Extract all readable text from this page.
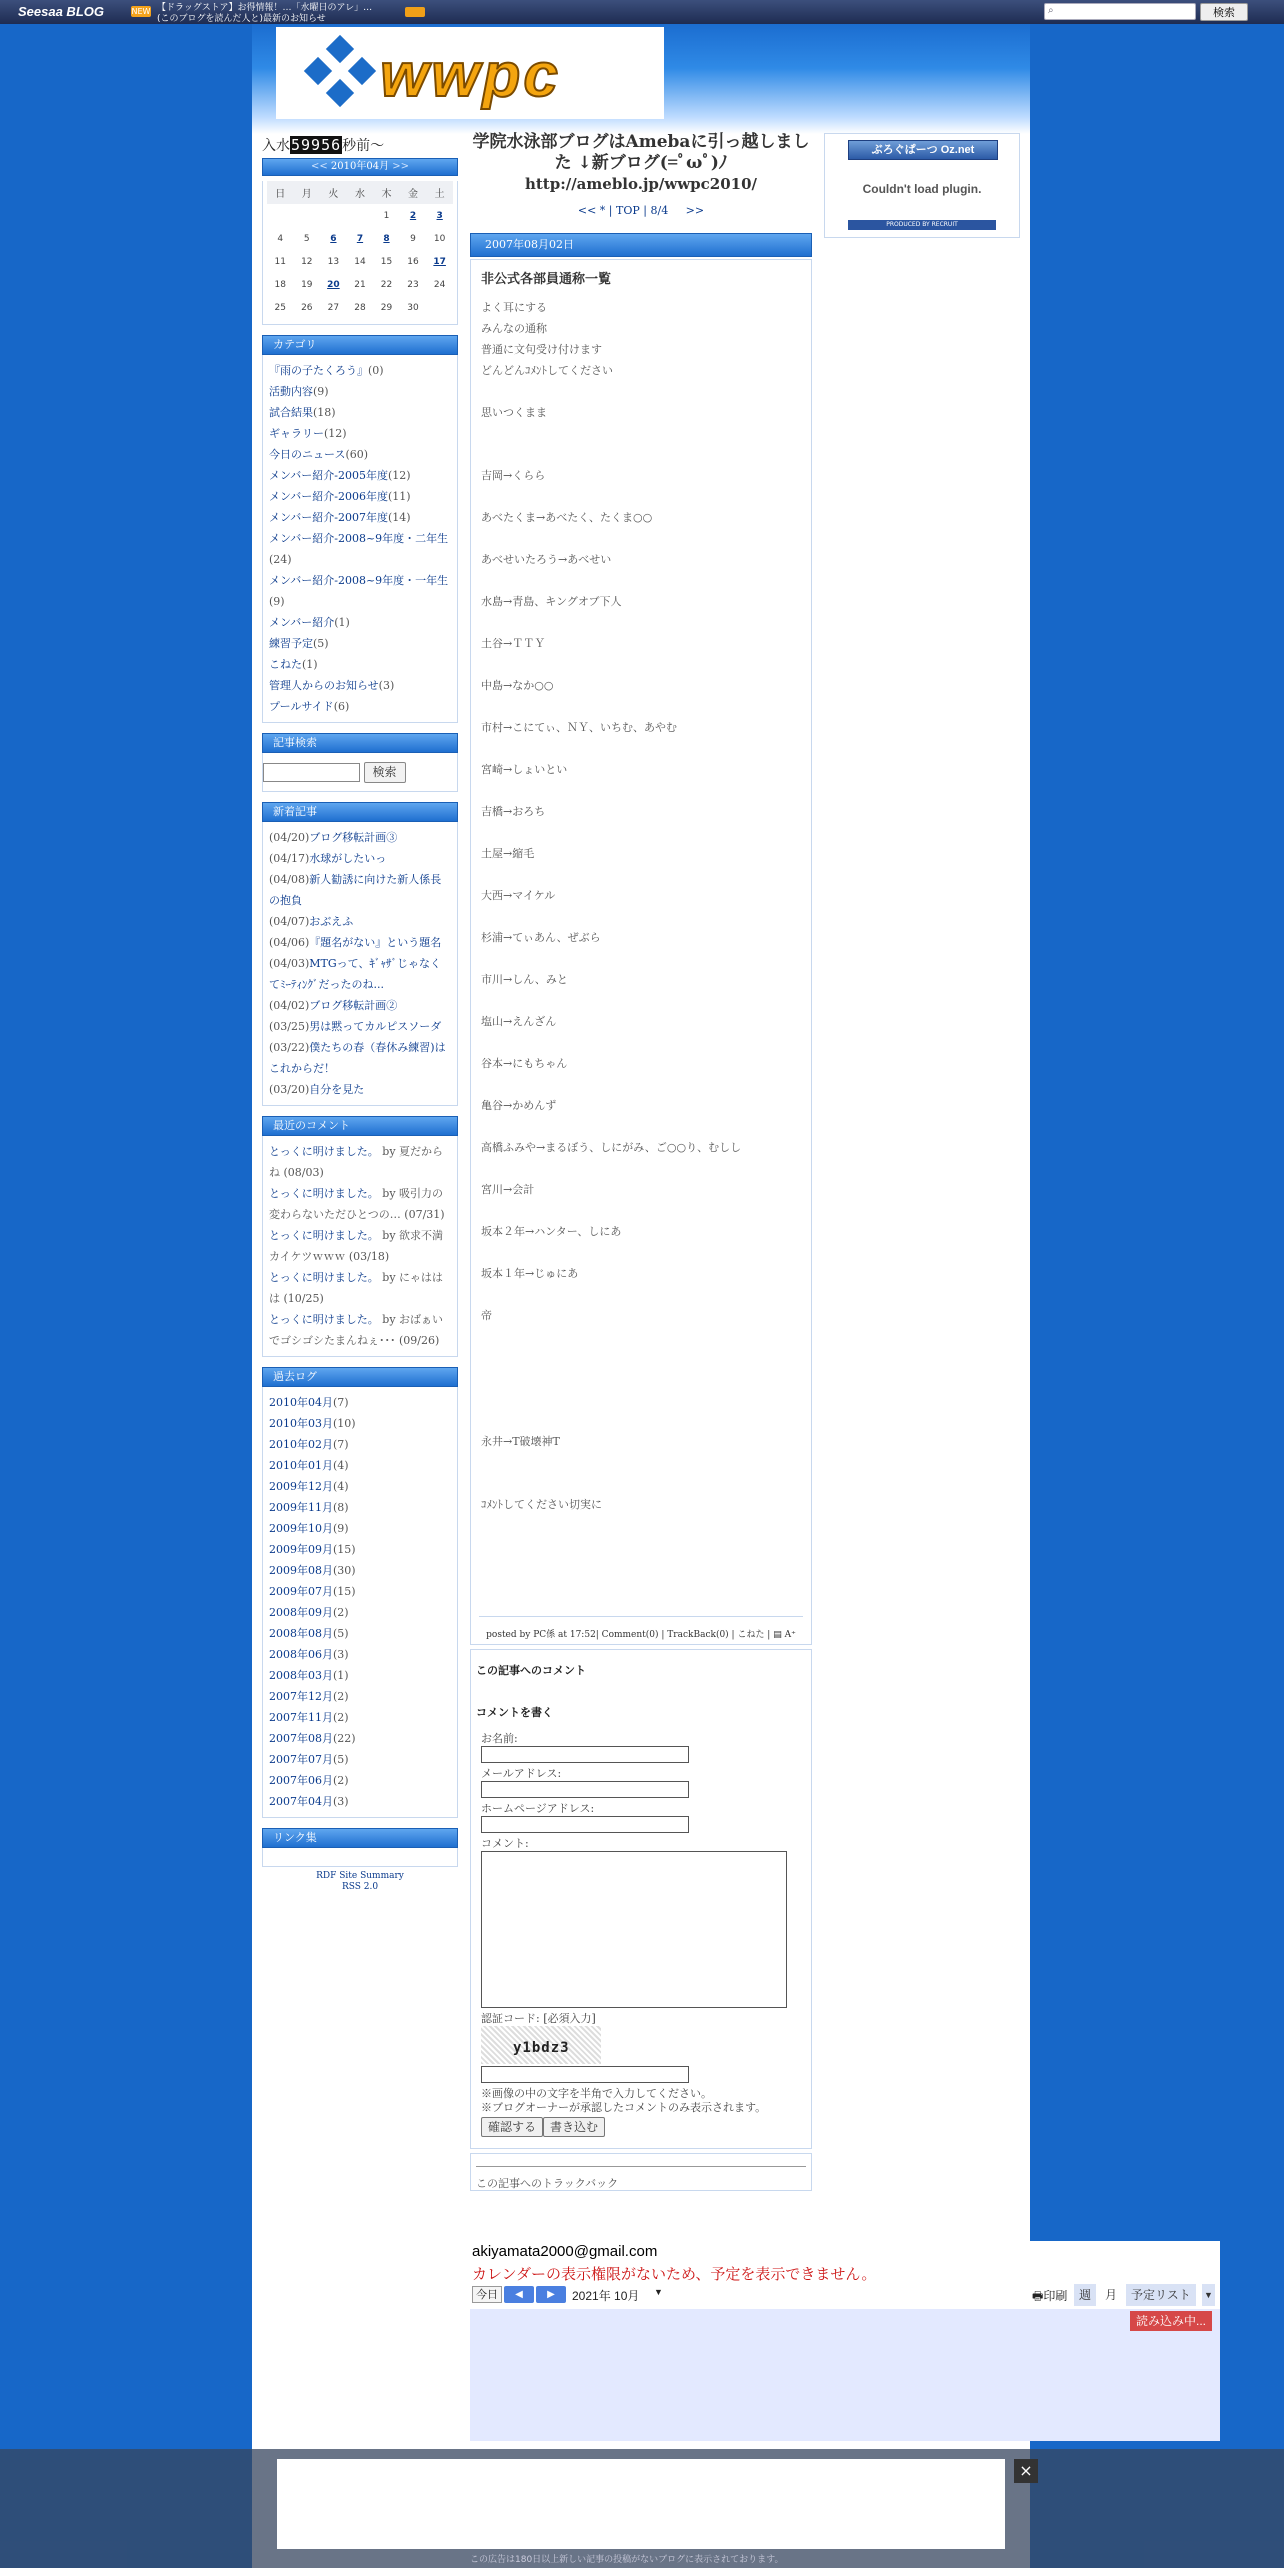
Seesaa BLOG	NEW 【ドラッグストア】お得情報！…「水曜日のアレ」…
(このブログを読んだ人と)最新のお知らせ
⌕	検索
wwpc
入水59956秒前～
<< 2010年04月 >>
日	月	火	水	木	金	土
				1	2	3
4	5	6	7	8	9	10
11	12	13	14	15	16	17
18	19	20	21	22	23	24
25	26	27	28	29	30	
カテゴリ
『雨の子たくろう』(0)
活動内容(9)
試合結果(18)
ギャラリー(12)
今日のニュース(60)
メンバー紹介-2005年度(12)
メンバー紹介-2006年度(11)
メンバー紹介-2007年度(14)
メンバー紹介-2008~9年度・二年生(24)
メンバー紹介-2008~9年度・一年生(9)
メンバー紹介(1)
練習予定(5)
こねた(1)
管理人からのお知らせ(3)
プールサイド(6)
記事検索
検索
新着記事
(04/20)ブログ移転計画③
(04/17)水球がしたいっ
(04/08)新人勧誘に向けた新人係長の抱負
(04/07)おぶえふ
(04/06)『題名がない』という題名
(04/03)MTGって、ｷﾞｬｻﾞじゃなくてﾐｰﾃｨﾝｸﾞだったのね...
(04/02)ブログ移転計画②
(03/25)男は黙ってカルピスソーダ
(03/22)僕たちの春（春休み練習)はこれからだ！
(03/20)自分を見た
最近のコメント
とっくに明けました。 by 夏だからね (08/03)
とっくに明けました。 by 吸引力の変わらないただひとつの… (07/31)
とっくに明けました。 by 欲求不満カイケツｗｗｗ (03/18)
とっくに明けました。 by にゃははは (10/25)
とっくに明けました。 by おばぁいでゴシゴシたまんねぇ･･･ (09/26)
過去ログ
2010年04月(7)
2010年03月(10)
2010年02月(7)
2010年01月(4)
2009年12月(4)
2009年11月(8)
2009年10月(9)
2009年09月(15)
2009年08月(30)
2009年07月(15)
2008年09月(2)
2008年08月(5)
2008年06月(3)
2008年03月(1)
2007年12月(2)
2007年11月(2)
2007年08月(22)
2007年07月(5)
2007年06月(2)
2007年04月(3)
リンク集
RDF Site Summary
RSS 2.0
学院水泳部ブログはAmebaに引っ越しました ↓新ブログ(=ﾟωﾟ)ﾉ
http://ameblo.jp/wwpc2010/
<< * | TOP | 8/4 >>
2007年08月02日
非公式各部員通称一覧
よく耳にする
みんなの通称
普通に文句受け付けます
どんどんｺﾒﾝﾄしてください
思いつくまま
吉岡→くらら
あべたくま→あべたく、たくま○○
あべせいたろう→あべせい
水島→青島、キングオブ下人
土谷→ＴＴＹ
中島→なか○○
市村→こにてぃ、ＮＹ、いちむ、あやむ
宮崎→しょいとい
吉橋→おろち
土屋→縮毛
大西→マイケル
杉浦→てぃあん、ぜぶら
市川→しん、みと
塩山→えんざん
谷本→にもちゃん
亀谷→かめんず
高橋ふみや→まるぼう、しにがみ、ご○○り、むしし
宮川→会計
坂本２年→ハンター、しにあ
坂本１年→じゅにあ
帝
永井→T破壊神T
ｺﾒﾝﾄしてください切実に
posted by PC係 at 17:52| Comment(0) | TrackBack(0) | こねた | ▤ A⁺
この記事へのコメント
コメントを書く
お名前:
メールアドレス:
ホームページアドレス:
コメント:
認証コード: [必須入力]
y1bdz3
※画像の中の文字を半角で入力してください。
※ブログオーナーが承認したコメントのみ表示されます。
確認する 書き込む
この記事へのトラックバック
ぶろぐぱーつ Oz.net
Couldn't load plugin.
PRODUCED BY RECRUIT
akiyamata2000@gmail.com
カレンダーの表示権限がないため、予定を表示できません。
今日	◀	▶	2021年 10月 ▼	🖶印刷 週	月	予定リスト	▼
読み込み中...
×
この広告は180日以上新しい記事の投稿がないブログに表示されております。
